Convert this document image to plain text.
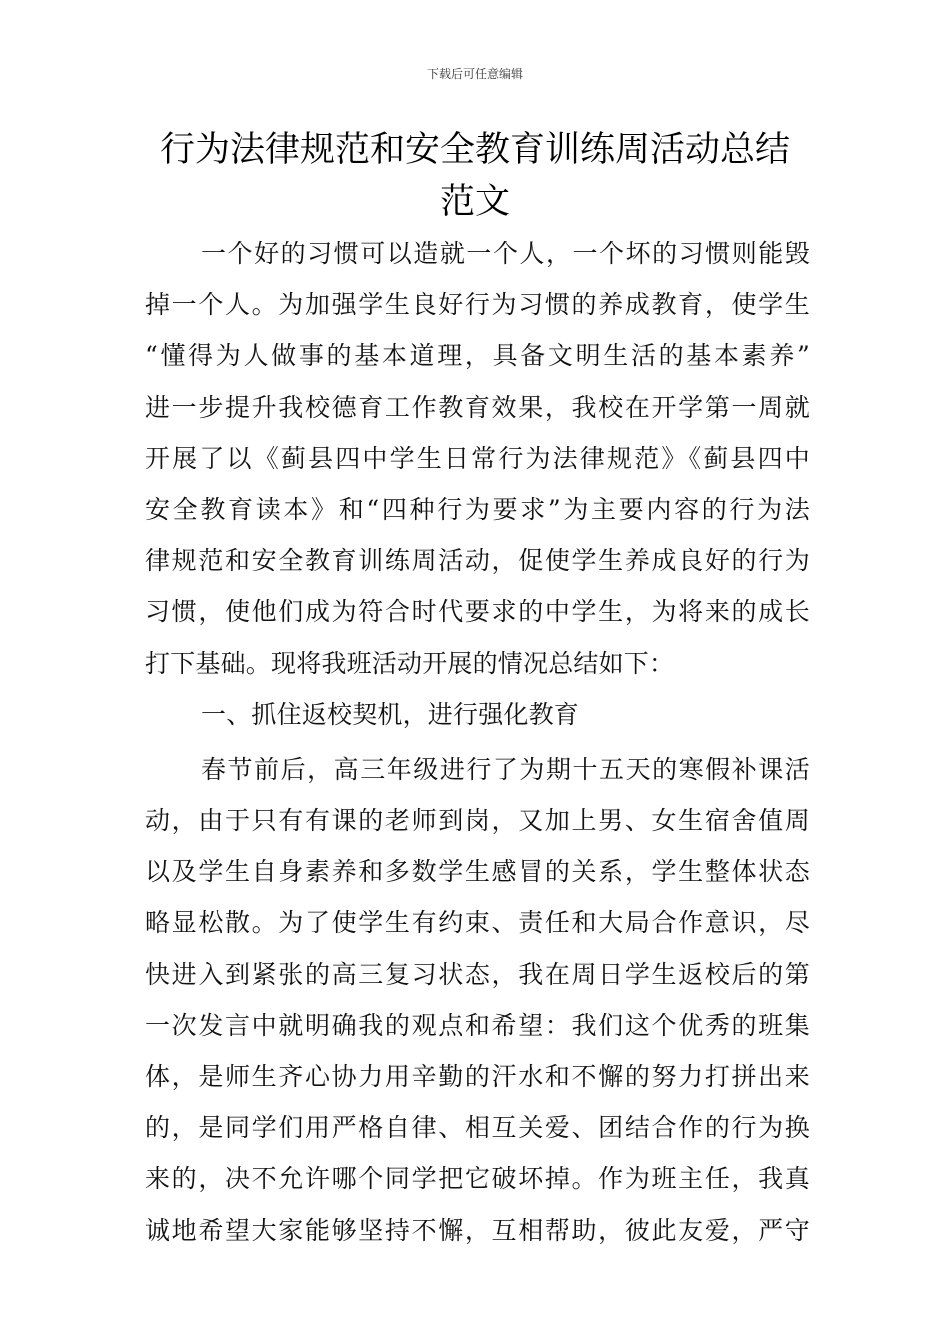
下载后可任意编辑
行为法律规范和安全教育训练周活动总结
范文
一个好的习惯可以造就一个人，一个坏的习惯则能毁
掉一个人。为加强学生良好行为习惯的养成教育，使学生
“懂得为人做事的基本道理，具备文明生活的基本素养”
进一步提升我校德育工作教育效果，我校在开学第一周就
开展了以《蓟县四中学生日常行为法律规范》《蓟县四中
安全教育读本》和“四种行为要求”为主要内容的行为法
律规范和安全教育训练周活动，促使学生养成良好的行为
习惯，使他们成为符合时代要求的中学生，为将来的成长
打下基础。现将我班活动开展的情况总结如下：
一、抓住返校契机，进行强化教育
春节前后，高三年级进行了为期十五天的寒假补课活
动，由于只有有课的老师到岗，又加上男、女生宿舍值周
以及学生自身素养和多数学生感冒的关系，学生整体状态
略显松散。为了使学生有约束、责任和大局合作意识，尽
快进入到紧张的高三复习状态，我在周日学生返校后的第
一次发言中就明确我的观点和希望：我们这个优秀的班集
体，是师生齐心协力用辛勤的汗水和不懈的努力打拼出来
的，是同学们用严格自律、相互关爱、团结合作的行为换
来的，决不允许哪个同学把它破坏掉。作为班主任，我真
诚地希望大家能够坚持不懈，互相帮助，彼此友爱，严守
